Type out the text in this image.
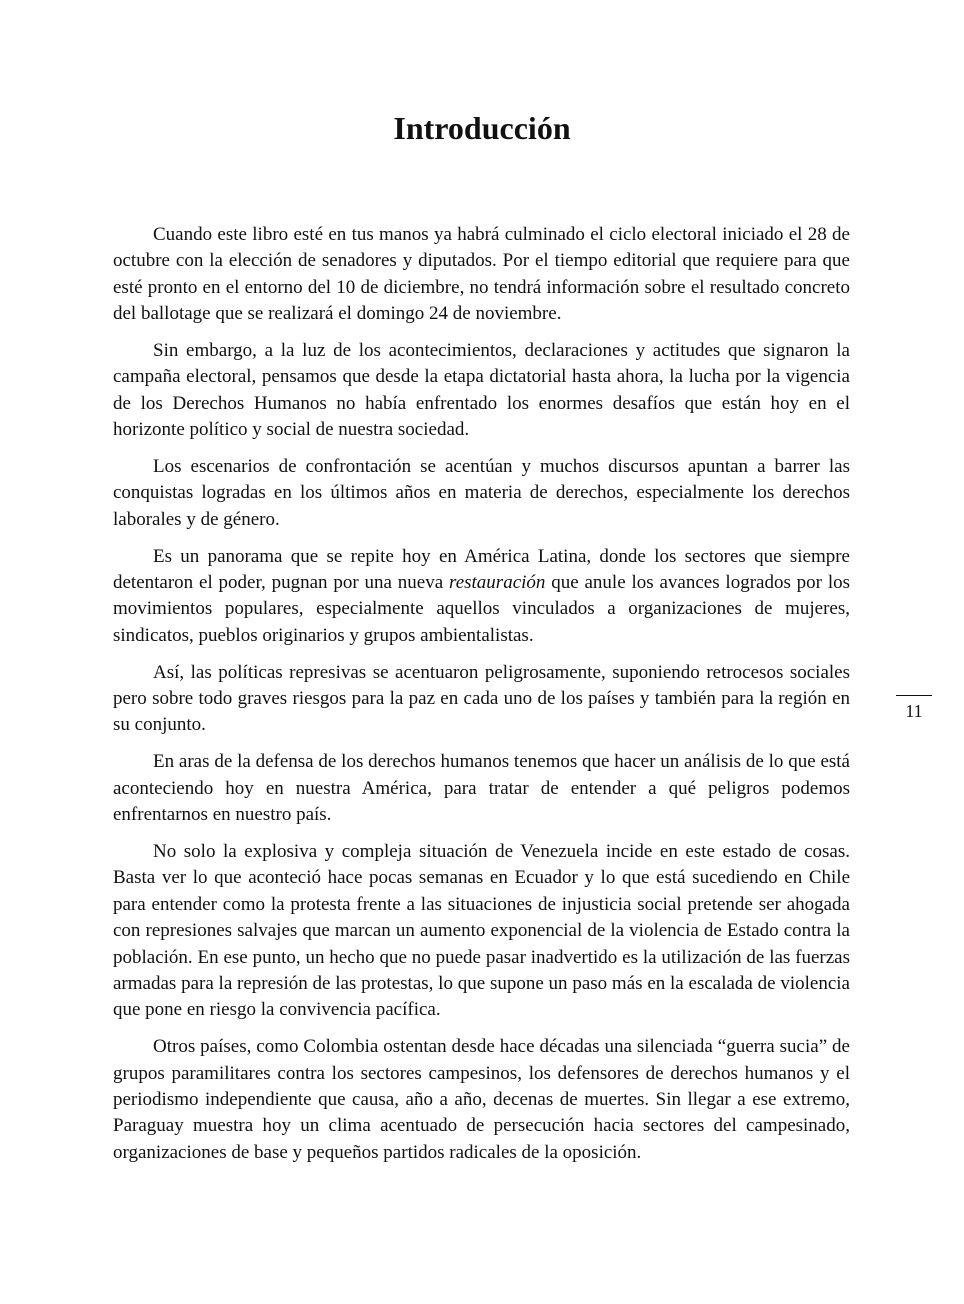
Introducción

Cuando este libro esté en tus manos ya habrá culminado el ciclo electoral iniciado el 28 de octubre con la elección de senadores y diputados. Por el tiempo editorial que requiere para que esté pronto en el entorno del 10 de diciembre, no tendrá información sobre el resultado concreto del ballotage que se realizará el domingo 24 de noviembre.

Sin embargo, a la luz de los acontecimientos, declaraciones y actitudes que signaron la campaña electoral, pensamos que desde la etapa dictatorial hasta ahora, la lucha por la vigencia de los Derechos Humanos no había enfrentado los enormes desafíos que están hoy en el horizonte político y social de nuestra sociedad.

Los escenarios de confrontación se acentúan y muchos discursos apuntan a barrer las conquistas logradas en los últimos años en materia de derechos, especialmente los derechos laborales y de género.

Es un panorama que se repite hoy en América Latina, donde los sectores que siempre detentaron el poder, pugnan por una nueva restauración que anule los avances logrados por los movimientos populares, especialmente aquellos vinculados a organizaciones de mujeres, sindicatos, pueblos originarios y grupos ambientalistas.

Así, las políticas represivas se acentuaron peligrosamente, suponiendo retrocesos sociales pero sobre todo graves riesgos para la paz en cada uno de los países y también para la región en su conjunto.

En aras de la defensa de los derechos humanos tenemos que hacer un análisis de lo que está aconteciendo hoy en nuestra América, para tratar de entender a qué peligros podemos enfrentarnos en nuestro país.

No solo la explosiva y compleja situación de Venezuela incide en este estado de cosas. Basta ver lo que aconteció hace pocas semanas en Ecuador y lo que está sucediendo en Chile para entender como la protesta frente a las situaciones de injusticia social pretende ser ahogada con represiones salvajes que marcan un aumento exponencial de la violencia de Estado contra la población. En ese punto, un hecho que no puede pasar inadvertido es la utilización de las fuerzas armadas para la represión de las protestas, lo que supone un paso más en la escalada de violencia que pone en riesgo la convivencia pacífica.

Otros países, como Colombia ostentan desde hace décadas una silenciada “guerra sucia” de grupos paramilitares contra los sectores campesinos, los defensores de derechos humanos y el periodismo independiente que causa, año a año, decenas de muertes. Sin llegar a ese extremo, Paraguay muestra hoy un clima acentuado de persecución hacia sectores del campesinado, organizaciones de base y pequeños partidos radicales de la oposición.

11
